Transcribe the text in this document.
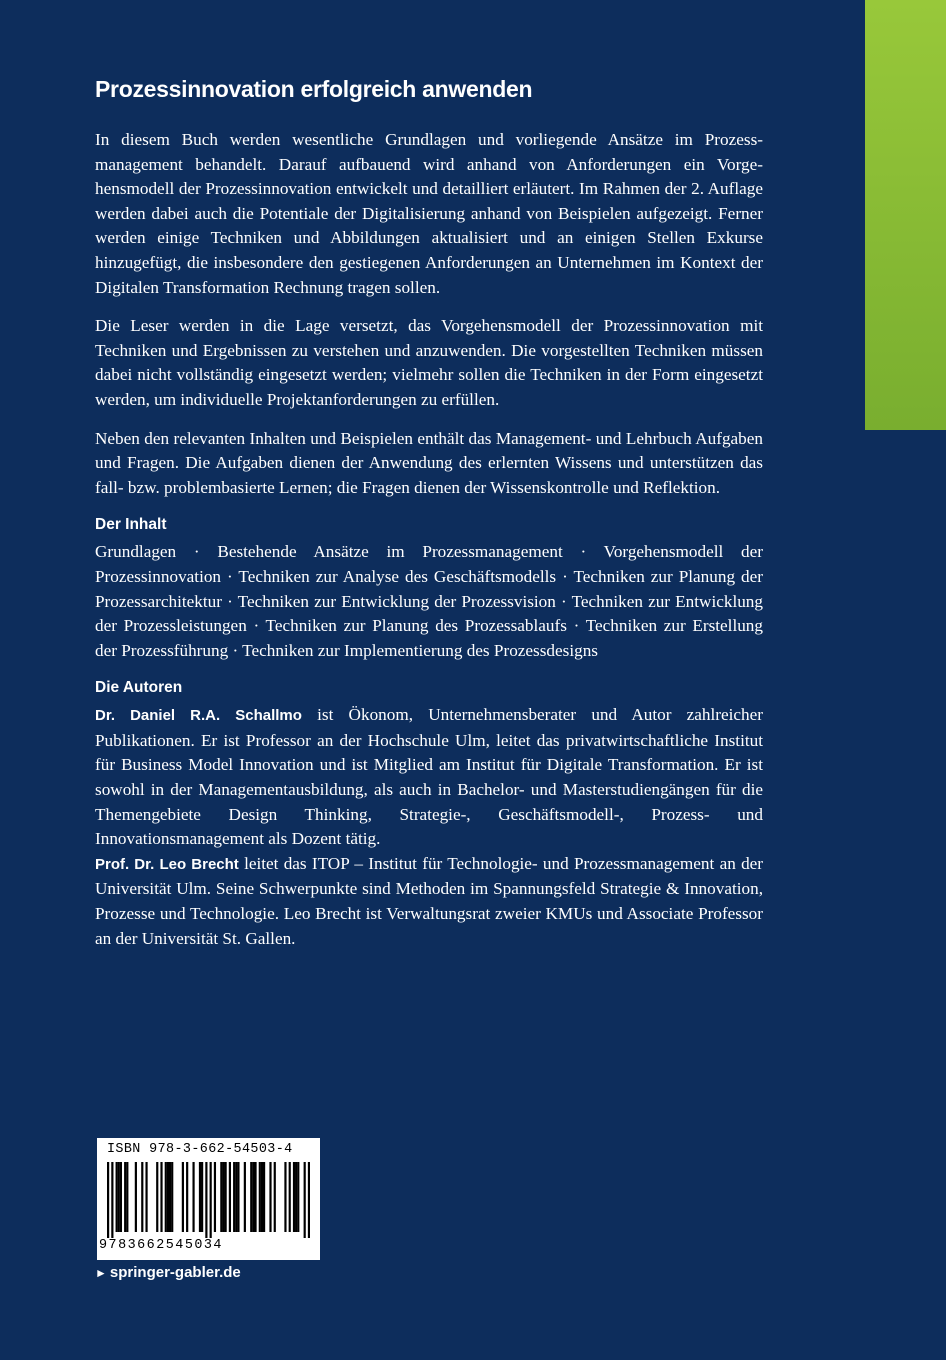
Prozessinnovation erfolgreich anwenden

In diesem Buch werden wesentliche Grundlagen und vorliegende Ansätze im Prozessmanagement behandelt. Darauf aufbauend wird anhand von Anforderungen ein Vorgehensmodell der Prozessinnovation entwickelt und detailliert erläutert. Im Rahmen der 2. Auflage werden dabei auch die Potentiale der Digitalisierung anhand von Beispielen aufgezeigt. Ferner werden einige Techniken und Abbildungen aktualisiert und an einigen Stellen Exkurse hinzugefügt, die insbesondere den gestiegenen Anforderungen an Unternehmen im Kontext der Digitalen Transformation Rechnung tragen sollen.

Die Leser werden in die Lage versetzt, das Vorgehensmodell der Prozessinnovation mit Techniken und Ergebnissen zu verstehen und anzuwenden. Die vorgestellten Techniken müssen dabei nicht vollständig eingesetzt werden; vielmehr sollen die Techniken in der Form eingesetzt werden, um individuelle Projektanforderungen zu erfüllen.

Neben den relevanten Inhalten und Beispielen enthält das Management- und Lehrbuch Aufgaben und Fragen. Die Aufgaben dienen der Anwendung des erlernten Wissens und unterstützen das fall- bzw. problembasierte Lernen; die Fragen dienen der Wissenskontrolle und Reflektion.

Der Inhalt

Grundlagen · Bestehende Ansätze im Prozessmanagement · Vorgehensmodell der Prozessinnovation · Techniken zur Analyse des Geschäftsmodells · Techniken zur Planung der Prozessarchitektur · Techniken zur Entwicklung der Prozessvision · Techniken zur Entwicklung der Prozessleistungen · Techniken zur Planung des Prozessablaufs · Techniken zur Erstellung der Prozessführung · Techniken zur Implementierung des Prozessdesigns

Die Autoren

Dr. Daniel R.A. Schallmo ist Ökonom, Unternehmensberater und Autor zahlreicher Publikationen. Er ist Professor an der Hochschule Ulm, leitet das privatwirtschaftliche Institut für Business Model Innovation und ist Mitglied am Institut für Digitale Transformation. Er ist sowohl in der Managementausbildung, als auch in Bachelor- und Masterstudiengängen für die Themengebiete Design Thinking, Strategie-, Geschäftsmodell-, Prozess- und Innovationsmanagement als Dozent tätig.

Prof. Dr. Leo Brecht leitet das ITOP – Institut für Technologie- und Prozessmanagement an der Universität Ulm. Seine Schwerpunkte sind Methoden im Spannungsfeld Strategie & Innovation, Prozesse und Technologie. Leo Brecht ist Verwaltungsrat zweier KMUs und Associate Professor an der Universität St. Gallen.

ISBN 978-3-662-54503-4
9783662545034
► springer-gabler.de
